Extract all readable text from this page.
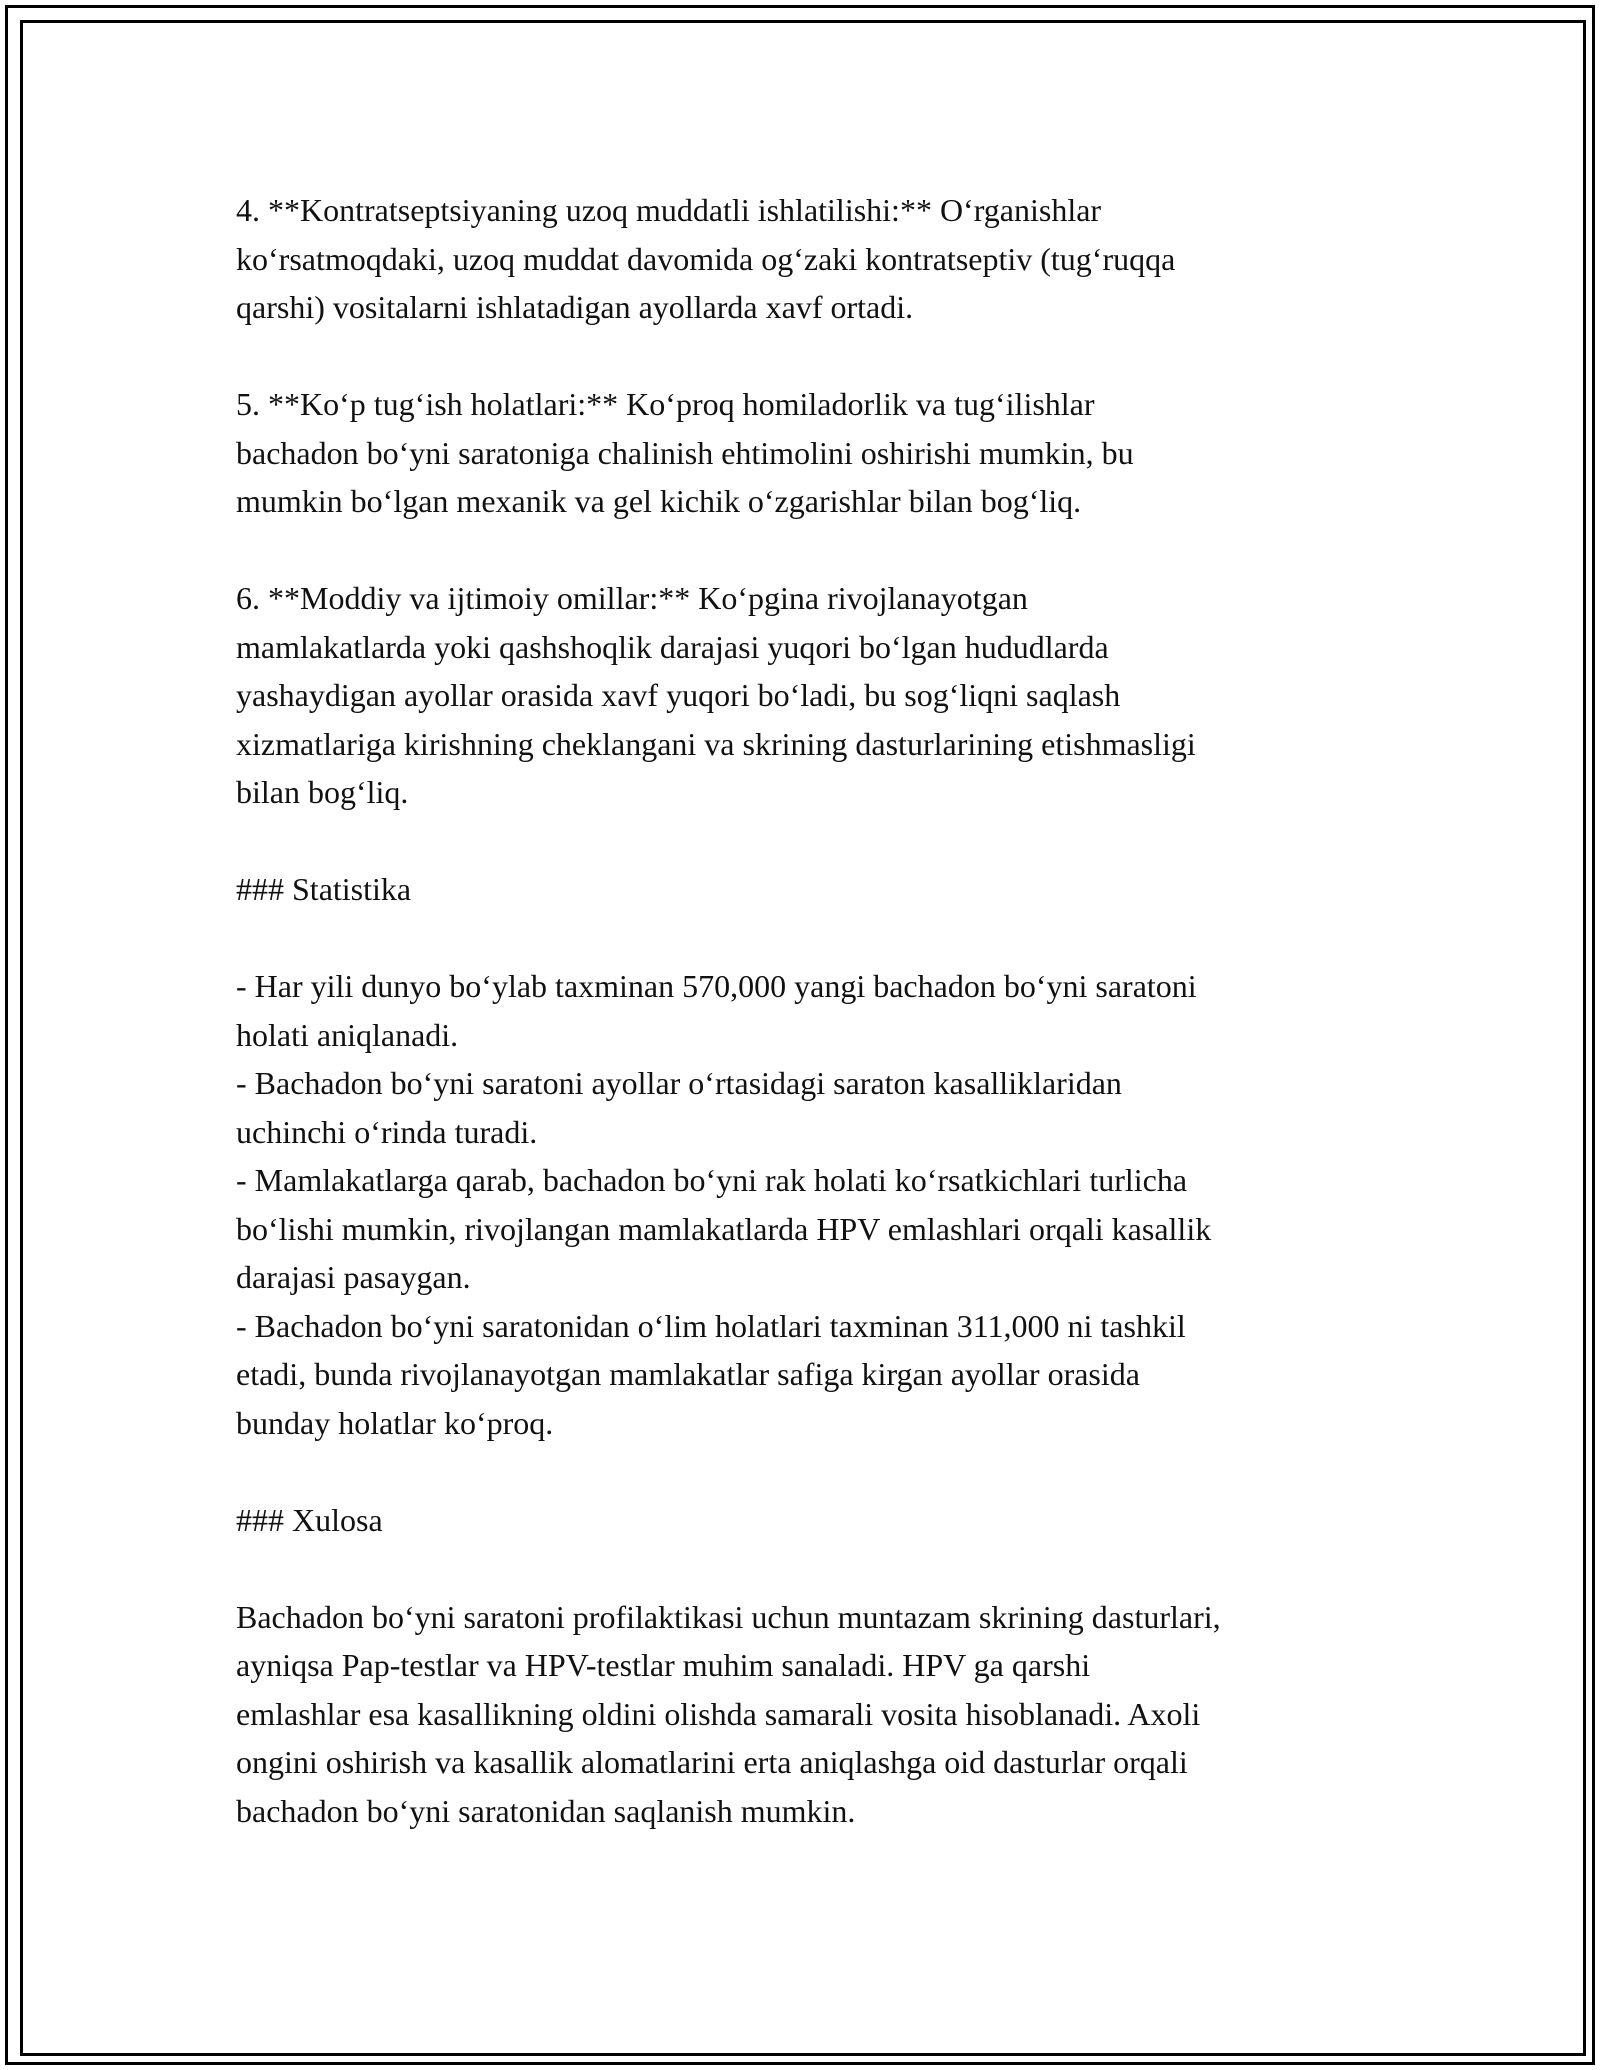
4. **Kontratseptsiyaning uzoq muddatli ishlatilishi:** O‘rganishlar
ko‘rsatmoqdaki, uzoq muddat davomida og‘zaki kontratseptiv (tug‘ruqqa
qarshi) vositalarni ishlatadigan ayollarda xavf ortadi.
5. **Ko‘p tug‘ish holatlari:** Ko‘proq homiladorlik va tug‘ilishlar
bachadon bo‘yni saratoniga chalinish ehtimolini oshirishi mumkin, bu
mumkin bo‘lgan mexanik va gel kichik o‘zgarishlar bilan bog‘liq.
6. **Moddiy va ijtimoiy omillar:** Ko‘pgina rivojlanayotgan
mamlakatlarda yoki qashshoqlik darajasi yuqori bo‘lgan hududlarda
yashaydigan ayollar orasida xavf yuqori bo‘ladi, bu sog‘liqni saqlash
xizmatlariga kirishning cheklangani va skrining dasturlarining etishmasligi
bilan bog‘liq.
### Statistika
- Har yili dunyo bo‘ylab taxminan 570,000 yangi bachadon bo‘yni saratoni
holati aniqlanadi.
- Bachadon bo‘yni saratoni ayollar o‘rtasidagi saraton kasalliklaridan
uchinchi o‘rinda turadi.
- Mamlakatlarga qarab, bachadon bo‘yni rak holati ko‘rsatkichlari turlicha
bo‘lishi mumkin, rivojlangan mamlakatlarda HPV emlashlari orqali kasallik
darajasi pasaygan.
- Bachadon bo‘yni saratonidan o‘lim holatlari taxminan 311,000 ni tashkil
etadi, bunda rivojlanayotgan mamlakatlar safiga kirgan ayollar orasida
bunday holatlar ko‘proq.
### Xulosa
Bachadon bo‘yni saratoni profilaktikasi uchun muntazam skrining dasturlari,
ayniqsa Pap-testlar va HPV-testlar muhim sanaladi. HPV ga qarshi
emlashlar esa kasallikning oldini olishda samarali vosita hisoblanadi. Axoli
ongini oshirish va kasallik alomatlarini erta aniqlashga oid dasturlar orqali
bachadon bo‘yni saratonidan saqlanish mumkin.
